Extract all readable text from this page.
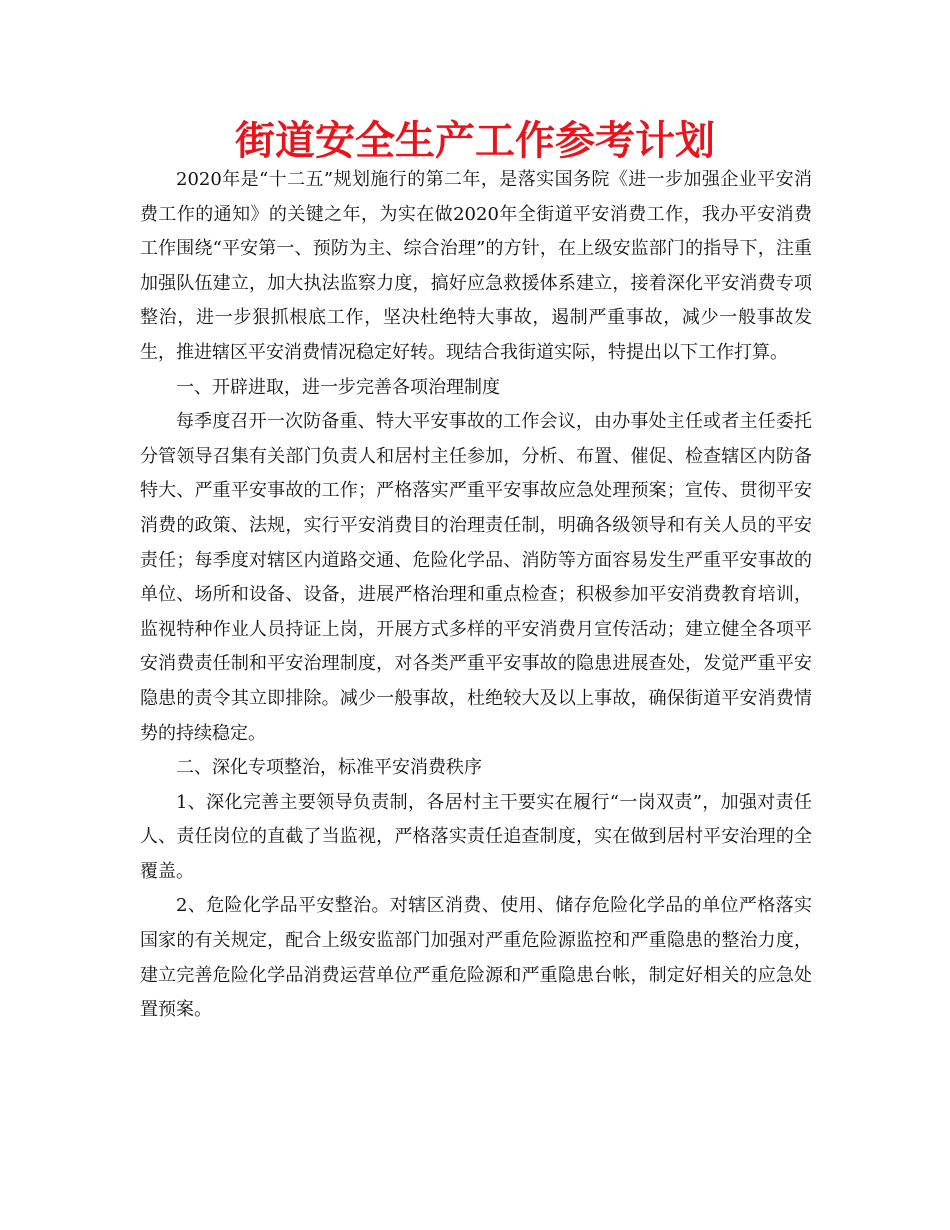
街道安全生产工作参考计划

2020年是“十二五”规划施行的第二年，是落实国务院《进一步加强企业平安消费工作的通知》的关键之年，为实在做2020年全街道平安消费工作，我办平安消费工作围绕“平安第一、预防为主、综合治理”的方针，在上级安监部门的指导下，注重加强队伍建立，加大执法监察力度，搞好应急救援体系建立，接着深化平安消费专项整治，进一步狠抓根底工作，坚决杜绝特大事故，遏制严重事故，减少一般事故发生，推进辖区平安消费情况稳定好转。现结合我街道实际，特提出以下工作打算。

一、开辟进取，进一步完善各项治理制度

每季度召开一次防备重、特大平安事故的工作会议，由办事处主任或者主任委托分管领导召集有关部门负责人和居村主任参加，分析、布置、催促、检查辖区内防备特大、严重平安事故的工作；严格落实严重平安事故应急处理预案；宣传、贯彻平安消费的政策、法规，实行平安消费目的治理责任制，明确各级领导和有关人员的平安责任；每季度对辖区内道路交通、危险化学品、消防等方面容易发生严重平安事故的单位、场所和设备、设备，进展严格治理和重点检查；积极参加平安消费教育培训，监视特种作业人员持证上岗，开展方式多样的平安消费月宣传活动；建立健全各项平安消费责任制和平安治理制度，对各类严重平安事故的隐患进展查处，发觉严重平安隐患的责令其立即排除。减少一般事故，杜绝较大及以上事故，确保街道平安消费情势的持续稳定。

二、深化专项整治，标准平安消费秩序

1、深化完善主要领导负责制，各居村主干要实在履行“一岗双责”，加强对责任人、责任岗位的直截了当监视，严格落实责任追查制度，实在做到居村平安治理的全覆盖。

2、危险化学品平安整治。对辖区消费、使用、储存危险化学品的单位严格落实国家的有关规定，配合上级安监部门加强对严重危险源监控和严重隐患的整治力度，建立完善危险化学品消费运营单位严重危险源和严重隐患台帐，制定好相关的应急处置预案。
